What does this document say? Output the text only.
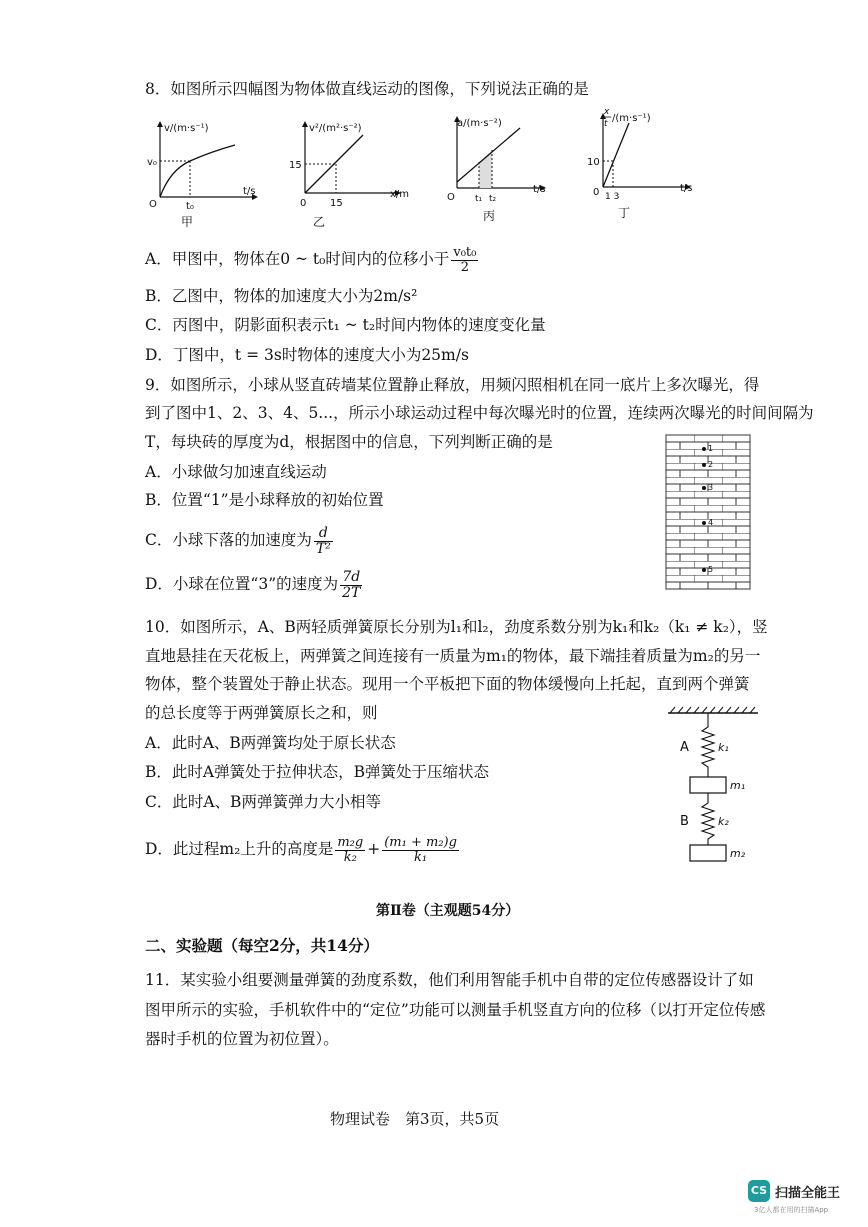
8．如图所示四幅图为物体做直线运动的图像，下列说法正确的是
v/(m·s⁻¹)
t/s
v₀
t₀
O
甲
v²/(m²·s⁻²)
x/m
15
15
0
乙
a/(m·s⁻²)
t/s
t₁ t₂
O
丙
x
t /(m·s⁻¹)
t/s
10
1 3
0
丁
A．甲图中，物体在0 ~ t₀时间内的位移小于 $\frac{\text{v₀t₀}}{2}$
B．乙图中，物体的加速度大小为2m/s²
C．丙图中，阴影面积表示t₁ ~ t₂时间内物体的速度变化量
D．丁图中，t = 3s时物体的速度大小为25m/s
9．如图所示，小球从竖直砖墙某位置静止释放，用频闪照相机在同一底片上多次曝光，得
到了图中1、2、3、4、5...，所示小球运动过程中每次曝光时的位置，连续两次曝光的时间间隔为
T，每块砖的厚度为d，根据图中的信息，下列判断正确的是
A．小球做匀加速直线运动
B．位置“1”是小球释放的初始位置
C．小球下落的加速度为 $\frac{d}{\text{T²}}$
D．小球在位置“3”的速度为 $\frac{7d}{2T}$
1
2
3
4
5
10．如图所示，A、B两轻质弹簧原长分别为l₁和l₂，劲度系数分别为k₁和k₂（k₁ ≠ k₂），竖
直地悬挂在天花板上，两弹簧之间连接有一质量为m₁的物体，最下端挂着质量为m₂的另一
物体，整个装置处于静止状态。现用一个平板把下面的物体缓慢向上托起，直到两个弹簧
的总长度等于两弹簧原长之和，则
A．此时A、B两弹簧均处于原长状态
B．此时A弹簧处于拉伸状态，B弹簧处于压缩状态
C．此时A、B两弹簧弹力大小相等
D．此过程m₂上升的高度是 $\frac{\text{m₂g}}{\text{k₂}} + \frac{\text{(m₁ + m₂)g}}{\text{k₁}}$
A	k₁
m₁
B	k₂
m₂
第Ⅱ卷（主观题54分）
二、实验题（每空2分，共14分）
11．某实验小组要测量弹簧的劲度系数，他们利用智能手机中自带的定位传感器设计了如
图甲所示的实验，手机软件中的“定位”功能可以测量手机竖直方向的位移（以打开定位传感
器时手机的位置为初位置）。
物理试卷　第3页，共5页
CS 扫描全能王
3亿人都在用的扫描App
